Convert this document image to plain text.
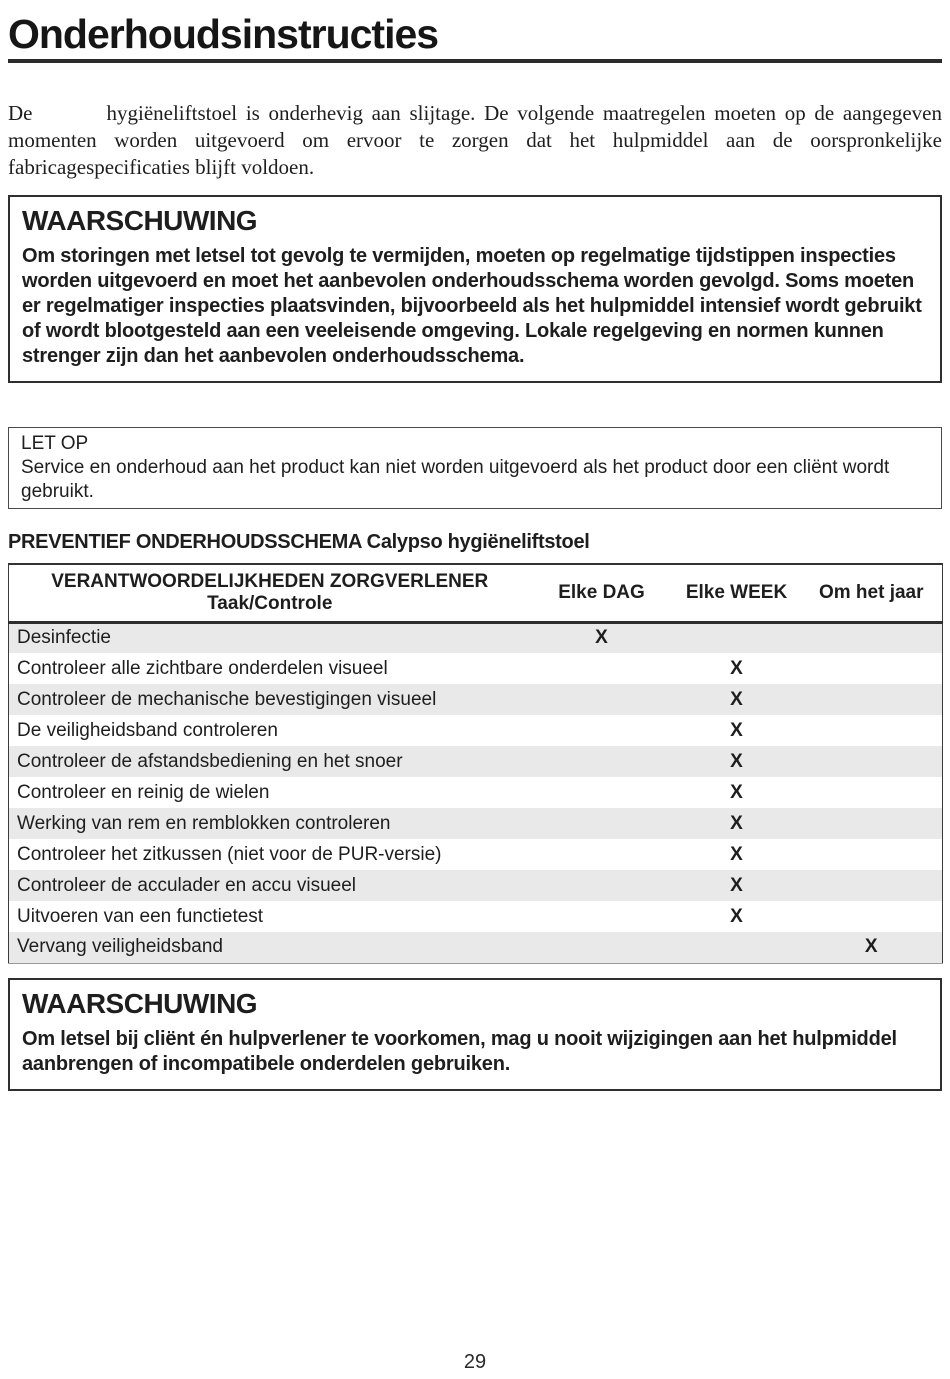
Onderhoudsinstructies

De	hygiëneliftstoel is onderhevig aan slijtage. De volgende maatregelen moeten op de aangegeven momenten worden uitgevoerd om ervoor te zorgen dat het hulpmiddel aan de oorspronkelijke fabricagespecificaties blijft voldoen.

WAARSCHUWING

Om storingen met letsel tot gevolg te vermijden, moeten op regelmatige tijdstippen inspecties worden uitgevoerd en moet het aanbevolen onderhoudsschema worden gevolgd. Soms moeten er regelmatiger inspecties plaatsvinden, bijvoorbeeld als het hulpmiddel intensief wordt gebruikt of wordt blootgesteld aan een veeleisende omgeving. Lokale regelgeving en normen kunnen strenger zijn dan het aanbevolen onderhoudsschema.

LET OP
Service en onderhoud aan het product kan niet worden uitgevoerd als het product door een cliënt wordt gebruikt.
PREVENTIEF ONDERHOUDSSCHEMA Calypso hygiëneliftstoel
VERANTWOORDELIJKHEDEN ZORGVERLENER
Taak/Controle	Elke DAG	Elke WEEK	Om het jaar
Desinfectie	X		
Controleer alle zichtbare onderdelen visueel		X	
Controleer de mechanische bevestigingen visueel		X	
De veiligheidsband controleren		X	
Controleer de afstandsbediening en het snoer		X	
Controleer en reinig de wielen		X	
Werking van rem en remblokken controleren		X	
Controleer het zitkussen (niet voor de PUR-versie)		X	
Controleer de acculader en accu visueel		X	
Uitvoeren van een functietest		X	
Vervang veiligheidsband			X
WAARSCHUWING

Om letsel bij cliënt én hulpverlener te voorkomen, mag u nooit wijzigingen aan het hulpmiddel aanbrengen of incompatibele onderdelen gebruiken.

29
